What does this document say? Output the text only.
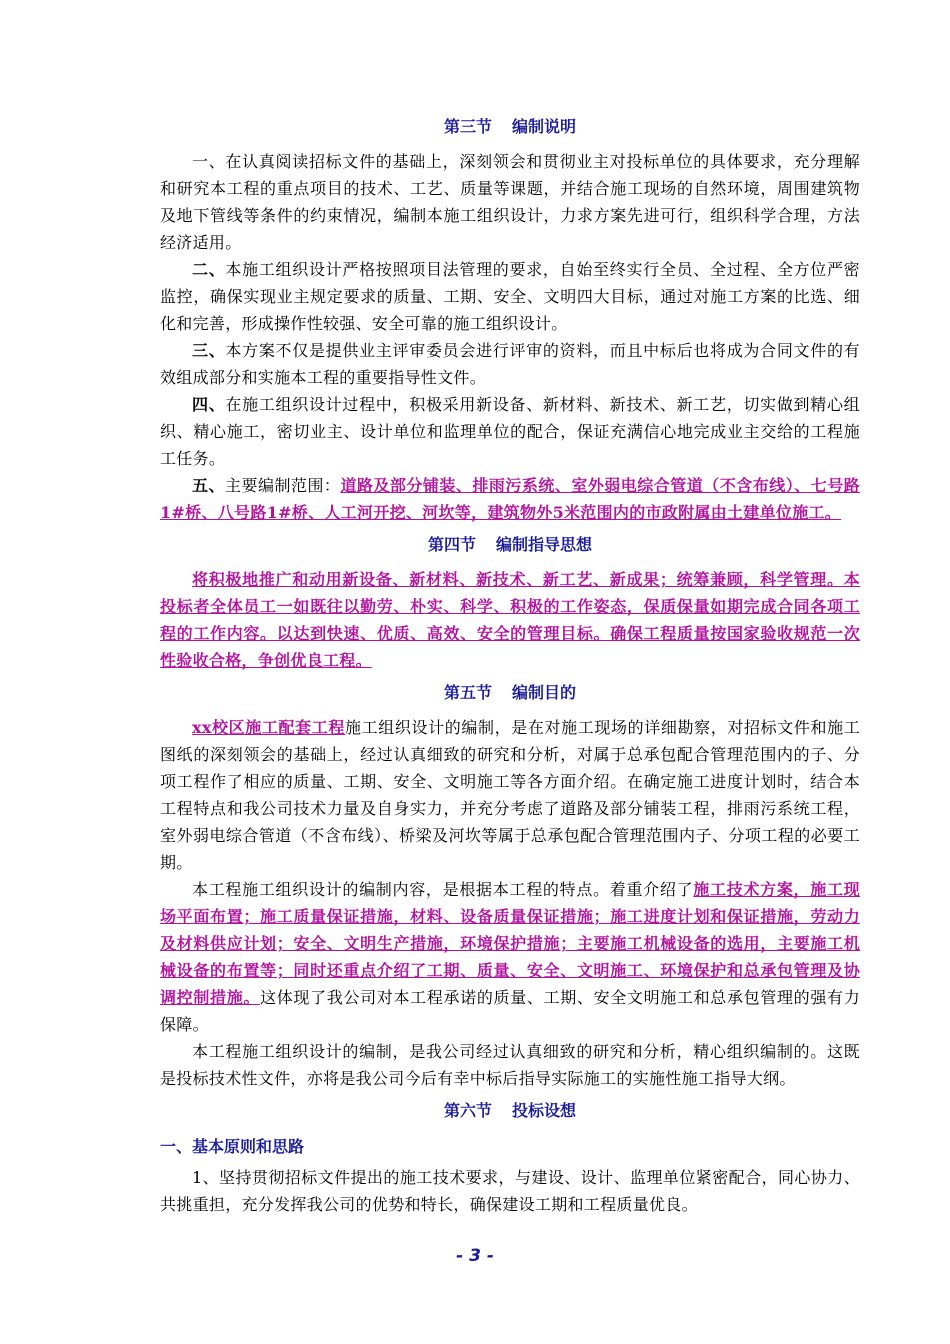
第三节 编制说明

一、在认真阅读招标文件的基础上，深刻领会和贯彻业主对投标单位的具体要求，充分理解和研究本工程的重点项目的技术、工艺、质量等课题，并结合施工现场的自然环境，周围建筑物及地下管线等条件的约束情况，编制本施工组织设计，力求方案先进可行，组织科学合理，方法经济适用。

二、本施工组织设计严格按照项目法管理的要求，自始至终实行全员、全过程、全方位严密监控，确保实现业主规定要求的质量、工期、安全、文明四大目标，通过对施工方案的比选、细化和完善，形成操作性较强、安全可靠的施工组织设计。

三、本方案不仅是提供业主评审委员会进行评审的资料，而且中标后也将成为合同文件的有效组成部分和实施本工程的重要指导性文件。

四、在施工组织设计过程中，积极采用新设备、新材料、新技术、新工艺，切实做到精心组织、精心施工，密切业主、设计单位和监理单位的配合，保证充满信心地完成业主交给的工程施工任务。

五、主要编制范围：道路及部分铺装、排雨污系统、室外弱电综合管道（不含布线）、七号路1#桥、八号路1#桥、人工河开挖、河坎等，建筑物外5米范围内的市政附属由土建单位施工。

第四节 编制指导思想

将积极地推广和动用新设备、新材料、新技术、新工艺、新成果；统筹兼顾，科学管理。本投标者全体员工一如既往以勤劳、朴实、科学、积极的工作姿态，保质保量如期完成合同各项工程的工作内容。以达到快速、优质、高效、安全的管理目标。确保工程质量按国家验收规范一次性验收合格，争创优良工程。

第五节 编制目的

xx校区施工配套工程施工组织设计的编制，是在对施工现场的详细勘察，对招标文件和施工图纸的深刻领会的基础上，经过认真细致的研究和分析，对属于总承包配合管理范围内的子、分项工程作了相应的质量、工期、安全、文明施工等各方面介绍。在确定施工进度计划时，结合本工程特点和我公司技术力量及自身实力，并充分考虑了道路及部分铺装工程，排雨污系统工程，室外弱电综合管道（不含布线）、桥梁及河坎等属于总承包配合管理范围内子、分项工程的必要工期。

本工程施工组织设计的编制内容，是根据本工程的特点。着重介绍了施工技术方案，施工现场平面布置；施工质量保证措施，材料、设备质量保证措施；施工进度计划和保证措施，劳动力及材料供应计划；安全、文明生产措施，环境保护措施；主要施工机械设备的选用，主要施工机械设备的布置等；同时还重点介绍了工期、质量、安全、文明施工、环境保护和总承包管理及协调控制措施。这体现了我公司对本工程承诺的质量、工期、安全文明施工和总承包管理的强有力保障。

本工程施工组织设计的编制，是我公司经过认真细致的研究和分析，精心组织编制的。这既是投标技术性文件，亦将是我公司今后有幸中标后指导实际施工的实施性施工指导大纲。

第六节 投标设想
一、基本原则和思路

1、坚持贯彻招标文件提出的施工技术要求，与建设、设计、监理单位紧密配合，同心协力、共挑重担，充分发挥我公司的优势和特长，确保建设工期和工程质量优良。

- 3 -
